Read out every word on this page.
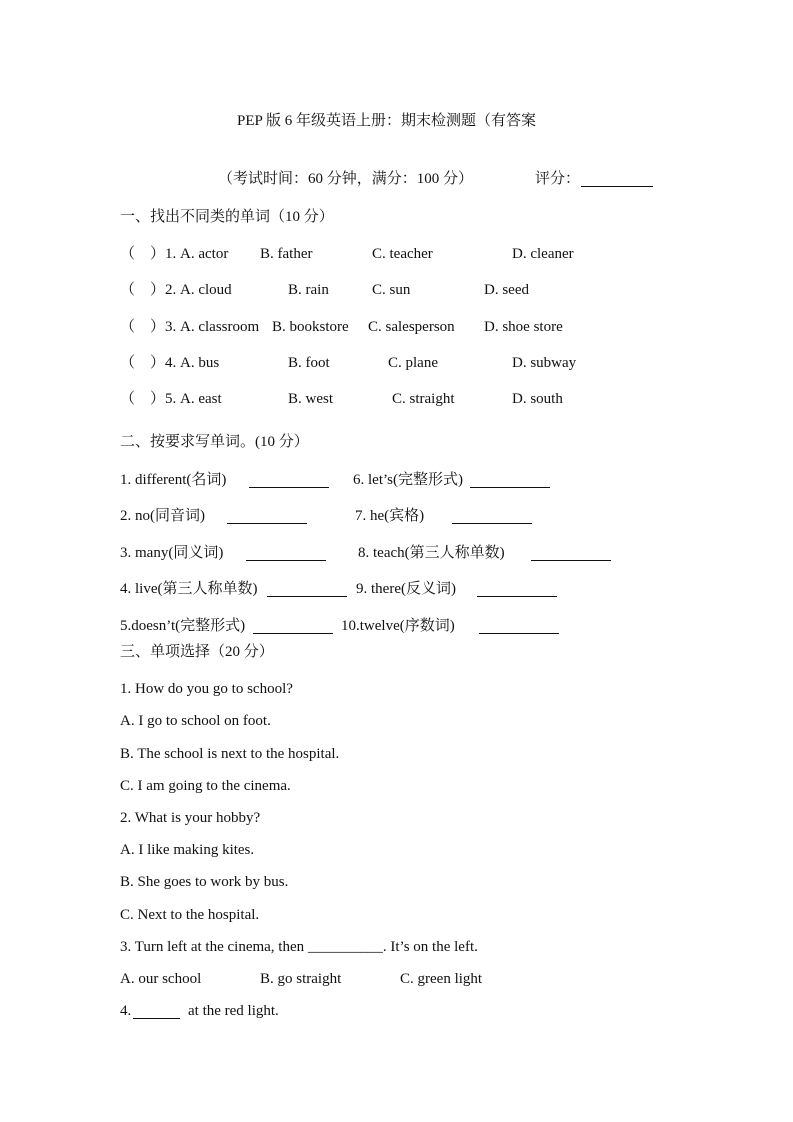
PEP 版 6 年级英语上册：期末检测题（有答案
（考试时间：60 分钟，满分：100 分）	评分：
一、找出不同类的单词（10 分）
（　）1. A. actor B. father	C. teacher	D. cleaner
（　）2. A. cloud	B. rain	C. sun	D. seed
（　）3. A. classroom B. bookstore C. salesperson D. shoe store
（　）4. A. bus	B. foot	C. plane	D. subway
（　）5. A. east	B. west	C. straight	D. south
二、按要求写单词。(10 分）
1. different(名词)	6. let’s(完整形式)
2. no(同音词)	7. he(宾格)
3. many(同义词)	8. teach(第三人称单数)
4. live(第三人称单数)	9. there(反义词)
5.doesn’t(完整形式)	10.twelve(序数词)
三、单项选择（20 分）
1. How do you go to school?
A. I go to school on foot.
B. The school is next to the hospital.
C. I am going to the cinema.
2. What is your hobby?
A. I like making kites.
B. She goes to work by bus.
C. Next to the hospital.
3. Turn left at the cinema, then __________. It’s on the left.
A. our school	B. go straight	C. green light
4.	at the red light.
